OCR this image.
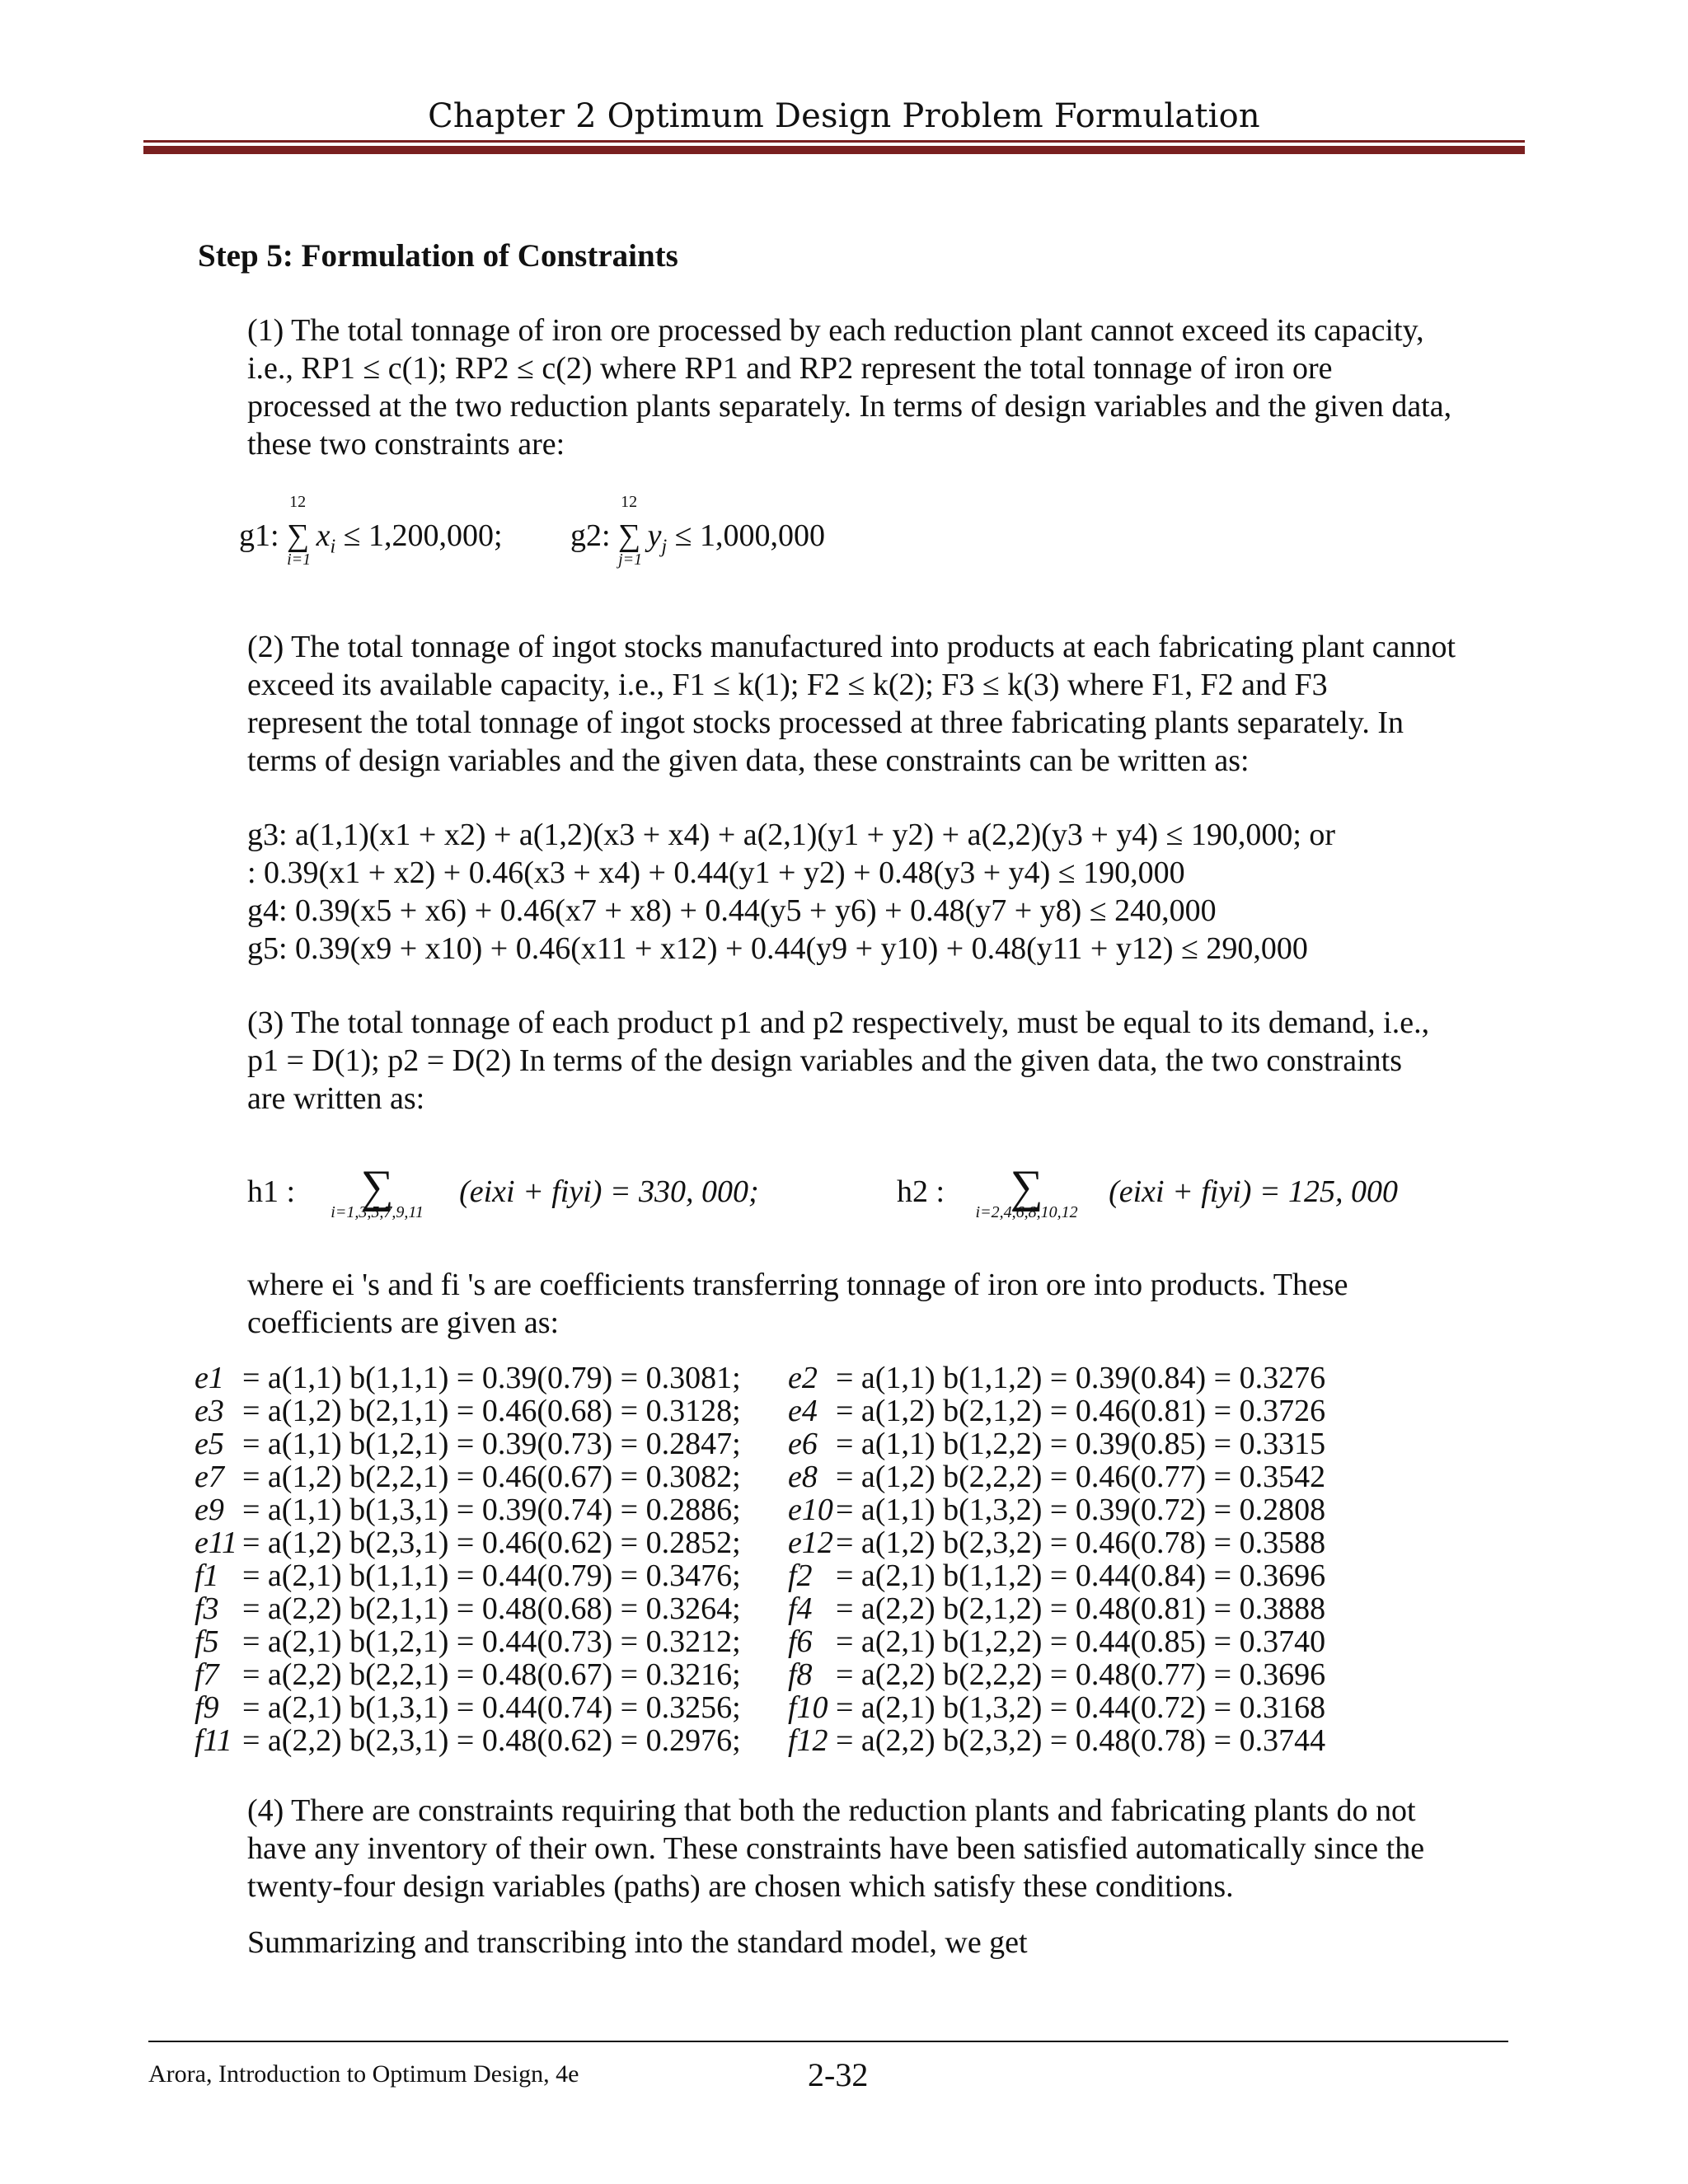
Chapter 2 Optimum Design Problem Formulation
Step 5: Formulation of Constraints
(1) The total tonnage of iron ore processed by each reduction plant cannot exceed its capacity,
i.e., RP1 ≤ c(1); RP2 ≤ c(2) where RP1 and RP2 represent the total tonnage of iron ore
processed at the two reduction plants separately. In terms of design variables and the given data,
these two constraints are:
g1: ∑
12
i=1
$x_i \le 1,200,000$; g2: ∑
12
j=1
$y_j \le 1,000,000$
(2) The total tonnage of ingot stocks manufactured into products at each fabricating plant cannot
exceed its available capacity, i.e., F1 ≤ k(1); F2 ≤ k(2); F3 ≤ k(3) where F1, F2 and F3
represent the total tonnage of ingot stocks processed at three fabricating plants separately. In
terms of design variables and the given data, these constraints can be written as:
g3: a(1,1)(x1 + x2) + a(1,2)(x3 + x4) + a(2,1)(y1 + y2) + a(2,2)(y3 + y4) ≤ 190,000; or
: 0.39(x1 + x2) + 0.46(x3 + x4) + 0.44(y1 + y2) + 0.48(y3 + y4) ≤ 190,000
g4: 0.39(x5 + x6) + 0.46(x7 + x8) + 0.44(y5 + y6) + 0.48(y7 + y8) ≤ 240,000
g5: 0.39(x9 + x10) + 0.46(x11 + x12) + 0.44(y9 + y10) + 0.48(y11 + y12) ≤ 290,000
(3) The total tonnage of each product p1 and p2 respectively, must be equal to its demand, i.e.,
p1 = D(1); p2 = D(2) In terms of the design variables and the given data, the two constraints
are written as:
h1 : ∑
i=1,3,5,7,9,11
(eixi + fiyi) = 330, 000;	h2 : ∑
i=2,4,6,8,10,12
(eixi + fiyi) = 125, 000
where ei 's and fi 's are coefficients transferring tonnage of iron ore into products. These
coefficients are given as:
e1 = a(1,1) b(1,1,1) = 0.39(0.79) = 0.3081; e2 = a(1,1) b(1,1,2) = 0.39(0.84) = 0.3276
e3 = a(1,2) b(2,1,1) = 0.46(0.68) = 0.3128; e4 = a(1,2) b(2,1,2) = 0.46(0.81) = 0.3726
e5 = a(1,1) b(1,2,1) = 0.39(0.73) = 0.2847; e6 = a(1,1) b(1,2,2) = 0.39(0.85) = 0.3315
e7 = a(1,2) b(2,2,1) = 0.46(0.67) = 0.3082; e8 = a(1,2) b(2,2,2) = 0.46(0.77) = 0.3542
e9 = a(1,1) b(1,3,1) = 0.39(0.74) = 0.2886; e10= a(1,1) b(1,3,2) = 0.39(0.72) = 0.2808
e11 = a(1,2) b(2,3,1) = 0.46(0.62) = 0.2852; e12= a(1,2) b(2,3,2) = 0.46(0.78) = 0.3588
f1 = a(2,1) b(1,1,1) = 0.44(0.79) = 0.3476; f2 = a(2,1) b(1,1,2) = 0.44(0.84) = 0.3696
f3 = a(2,2) b(2,1,1) = 0.48(0.68) = 0.3264; f4 = a(2,2) b(2,1,2) = 0.48(0.81) = 0.3888
f5 = a(2,1) b(1,2,1) = 0.44(0.73) = 0.3212; f6 = a(2,1) b(1,2,2) = 0.44(0.85) = 0.3740
f7 = a(2,2) b(2,2,1) = 0.48(0.67) = 0.3216; f8 = a(2,2) b(2,2,2) = 0.48(0.77) = 0.3696
f9 = a(2,1) b(1,3,1) = 0.44(0.74) = 0.3256; f10 = a(2,1) b(1,3,2) = 0.44(0.72) = 0.3168
f11 = a(2,2) b(2,3,1) = 0.48(0.62) = 0.2976; f12 = a(2,2) b(2,3,2) = 0.48(0.78) = 0.3744
(4) There are constraints requiring that both the reduction plants and fabricating plants do not
have any inventory of their own. These constraints have been satisfied automatically since the
twenty-four design variables (paths) are chosen which satisfy these conditions.
Summarizing and transcribing into the standard model, we get
Arora, Introduction to Optimum Design, 4e	2-32
